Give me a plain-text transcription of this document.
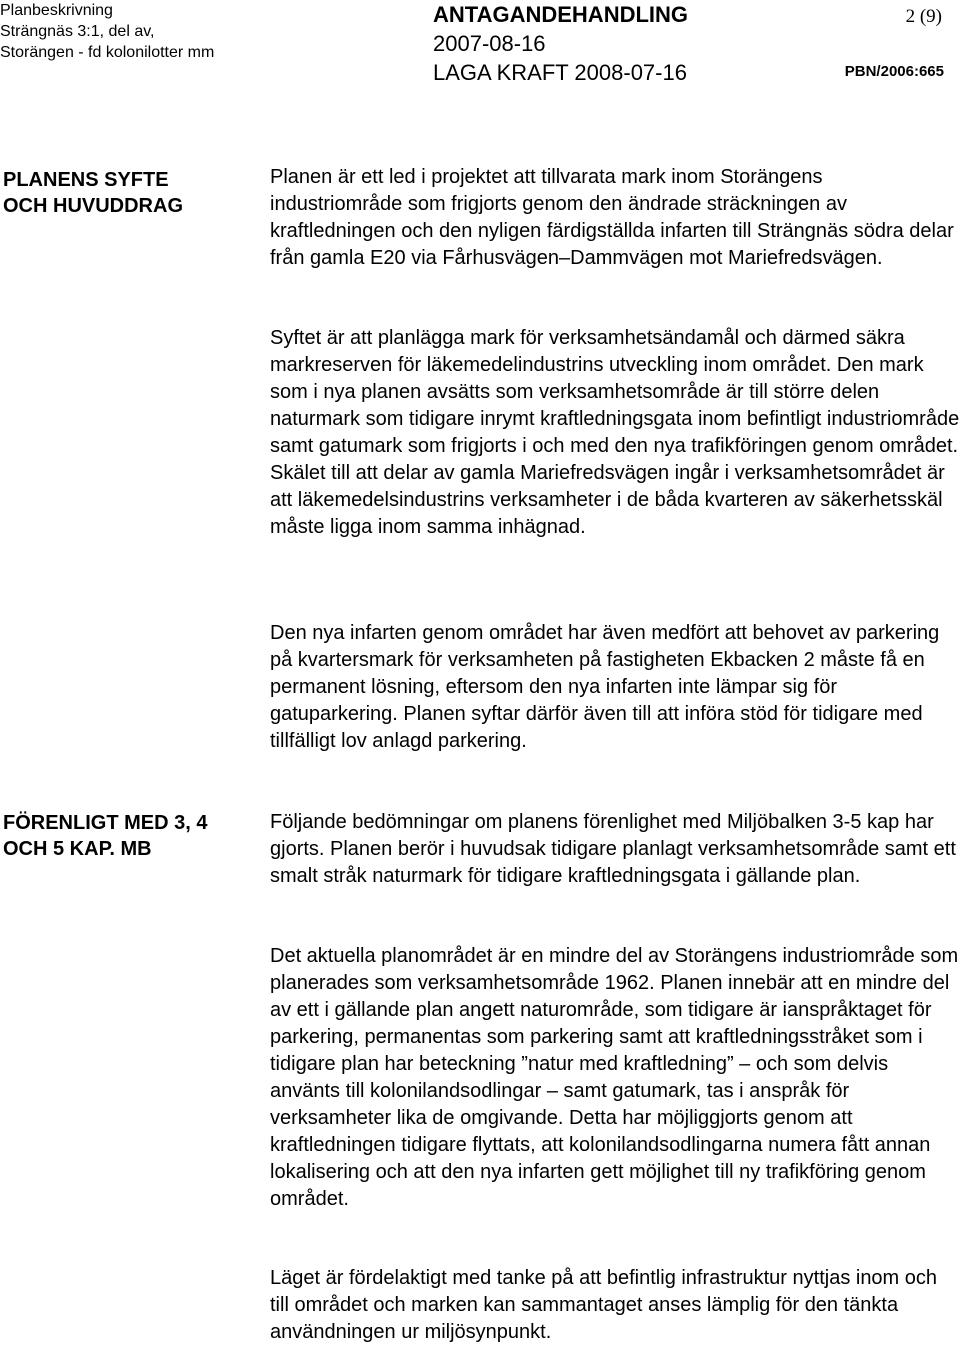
Planbeskrivning
Strängnäs 3:1, del av,
Storängen - fd kolonilotter mm
ANTAGANDEHANDLING
2007-08-16
LAGA KRAFT 2008-07-16
2 (9)
PBN/2006:665
PLANENS SYFTE
OCH HUVUDDRAG

Planen är ett led i projektet att tillvarata mark inom Storängens industriområde som frigjorts genom den ändrade sträckningen av kraftledningen och den nyligen färdigställda infarten till Strängnäs södra delar från gamla E20 via Fårhusvägen–Dammvägen mot Mariefredsvägen.

Syftet är att planlägga mark för verksamhetsändamål och därmed säkra markreserven för läkemedelindustrins utveckling inom området. Den mark som i nya planen avsätts som verksamhetsområde är till större delen naturmark som tidigare inrymt kraftledningsgata inom befintligt industriområde samt gatumark som frigjorts i och med den nya trafikföringen genom området. Skälet till att delar av gamla Mariefredsvägen ingår i verksamhetsområdet är att läkemedelsindustrins verksamheter i de båda kvarteren av säkerhetsskäl måste ligga inom samma inhägnad.

Den nya infarten genom området har även medfört att behovet av parkering på kvartersmark för verksamheten på fastigheten Ekbacken 2 måste få en permanent lösning, eftersom den nya infarten inte lämpar sig för gatuparkering. Planen syftar därför även till att införa stöd för tidigare med tillfälligt lov anlagd parkering.

FÖRENLIGT MED 3, 4
OCH 5 KAP. MB

Följande bedömningar om planens förenlighet med Miljöbalken 3-5 kap har gjorts. Planen berör i huvudsak tidigare planlagt verksamhetsområde samt ett smalt stråk naturmark för tidigare kraftledningsgata i gällande plan.

Det aktuella planområdet är en mindre del av Storängens industriområde som planerades som verksamhetsområde 1962. Planen innebär att en mindre del av ett i gällande plan angett naturområde, som tidigare är ianspråktaget för parkering, permanentas som parkering samt att kraftledningsstråket som i tidigare plan har beteckning ”natur med kraftledning” – och som delvis använts till kolonilandsodlingar – samt gatumark, tas i anspråk för verksamheter lika de omgivande. Detta har möjliggjorts genom att kraftledningen tidigare flyttats, att kolonilandsodlingarna numera fått annan lokalisering och att den nya infarten gett möjlighet till ny trafikföring genom området.

Läget är fördelaktigt med tanke på att befintlig infrastruktur nyttjas inom och till området och marken kan sammantaget anses lämplig för den tänkta användningen ur miljösynpunkt.
